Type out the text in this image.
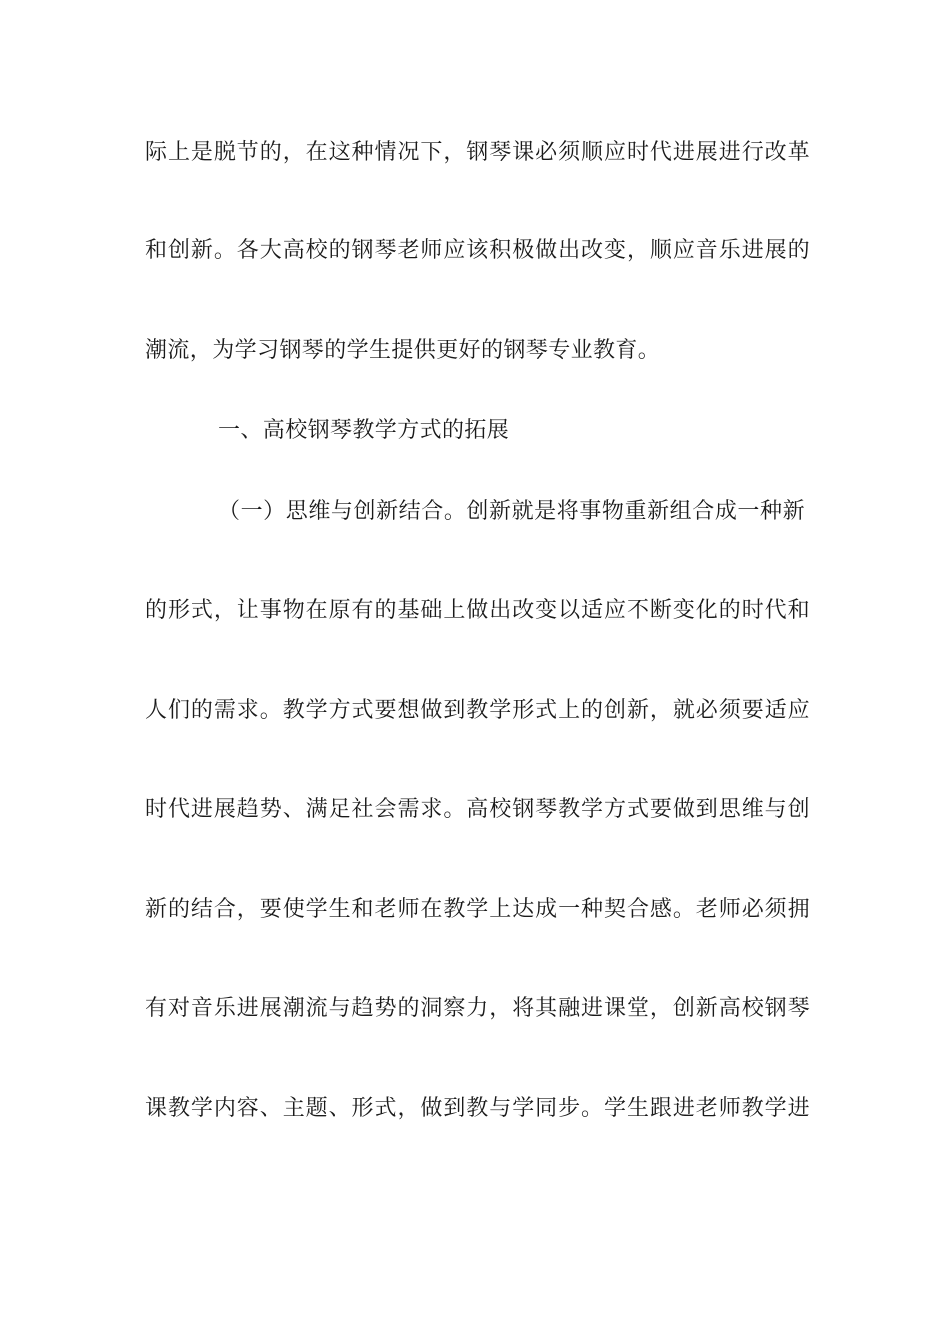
际上是脱节的，在这种情况下，钢琴课必须顺应时代进展进行改革
和创新。各大高校的钢琴老师应该积极做出改变，顺应音乐进展的
潮流，为学习钢琴的学生提供更好的钢琴专业教育。
一、高校钢琴教学方式的拓展
（一）思维与创新结合。创新就是将事物重新组合成一种新
的形式，让事物在原有的基础上做出改变以适应不断变化的时代和
人们的需求。教学方式要想做到教学形式上的创新，就必须要适应
时代进展趋势、满足社会需求。高校钢琴教学方式要做到思维与创
新的结合，要使学生和老师在教学上达成一种契合感。老师必须拥
有对音乐进展潮流与趋势的洞察力，将其融进课堂，创新高校钢琴
课教学内容、主题、形式，做到教与学同步。学生跟进老师教学进
